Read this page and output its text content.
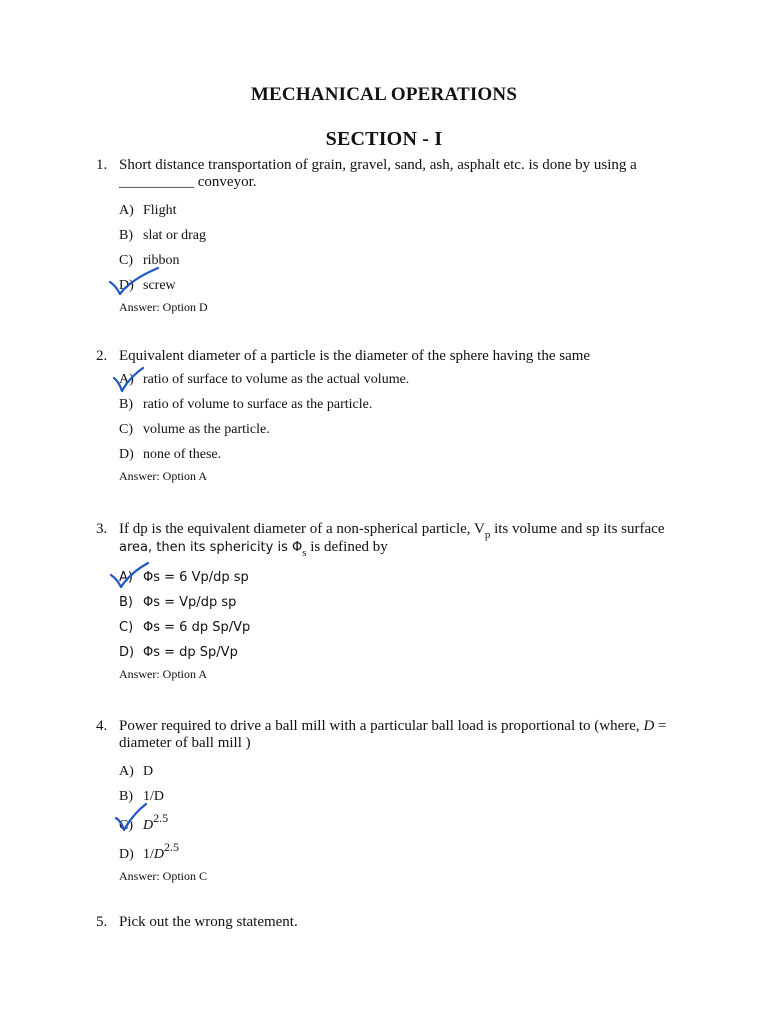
MECHANICAL OPERATIONS
SECTION - I
1. Short distance transportation of grain, gravel, sand, ash, asphalt etc. is done by using a
__________ conveyor.
A) Flight
B) slat or drag
C) ribbon
D) screw
Answer: Option D
2. Equivalent diameter of a particle is the diameter of the sphere having the same
A) ratio of surface to volume as the actual volume.
B) ratio of volume to surface as the particle.
C) volume as the particle.
D) none of these.
Answer: Option A
3. If dp is the equivalent diameter of a non-spherical particle, $V_p$ its volume and sp its surface
area, then its sphericity is $\Phi_s$ is defined by
A) Φs = 6 Vp/dp sp
B) Φs = Vp/dp sp
C) Φs = 6 dp Sp/Vp
D) Φs = dp Sp/Vp
Answer: Option A
4. Power required to drive a ball mill with a particular ball load is proportional to (where, D =
diameter of ball mill )
A) D
B) 1/D
C) D2.5
D) 1/D2.5
Answer: Option C
5. Pick out the wrong statement.
